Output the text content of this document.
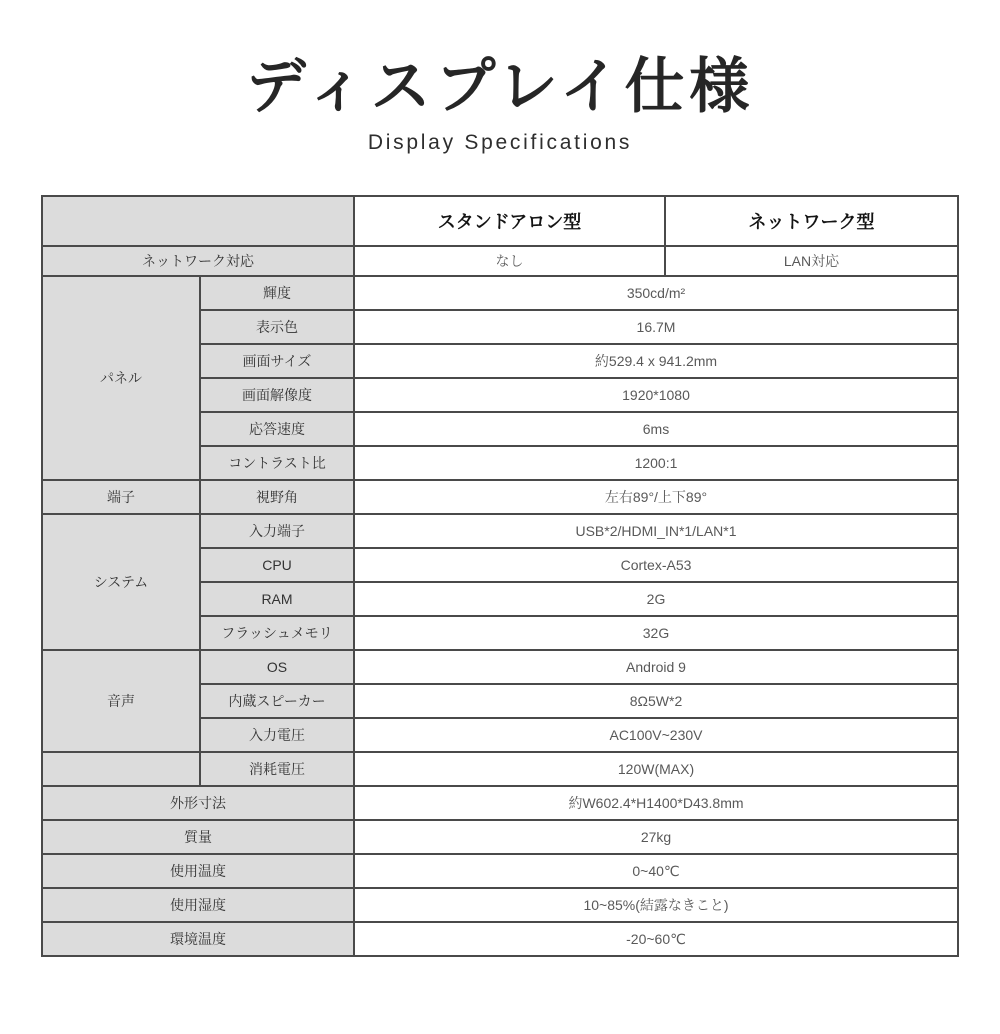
ディスプレイ仕様
Display Specifications
		スタンドアロン型	ネットワーク型
ネットワーク対応		なし	LAN対応
パネル	輝度	350cd/m²	
	表示色	16.7M	
	画面サイズ	約529.4 x 941.2mm	
	画面解像度	1920*1080	
	応答速度	6ms	
	コントラスト比	1200:1	
端子	視野角	左右89°/上下89°	
システム	入力端子	USB*2/HDMI_IN*1/LAN*1	
	CPU	Cortex-A53	
	RAM	2G	
	フラッシュメモリ	32G	
音声	OS	Android 9	
	内蔵スピーカー	8Ω5W*2	
	入力電圧	AC100V~230V	
	消耗電圧	120W(MAX)	
外形寸法		約W602.4*H1400*D43.8mm	
質量		27kg	
使用温度		0~40℃	
使用湿度		10~85%(結露なきこと)	
環境温度		-20~60℃	
